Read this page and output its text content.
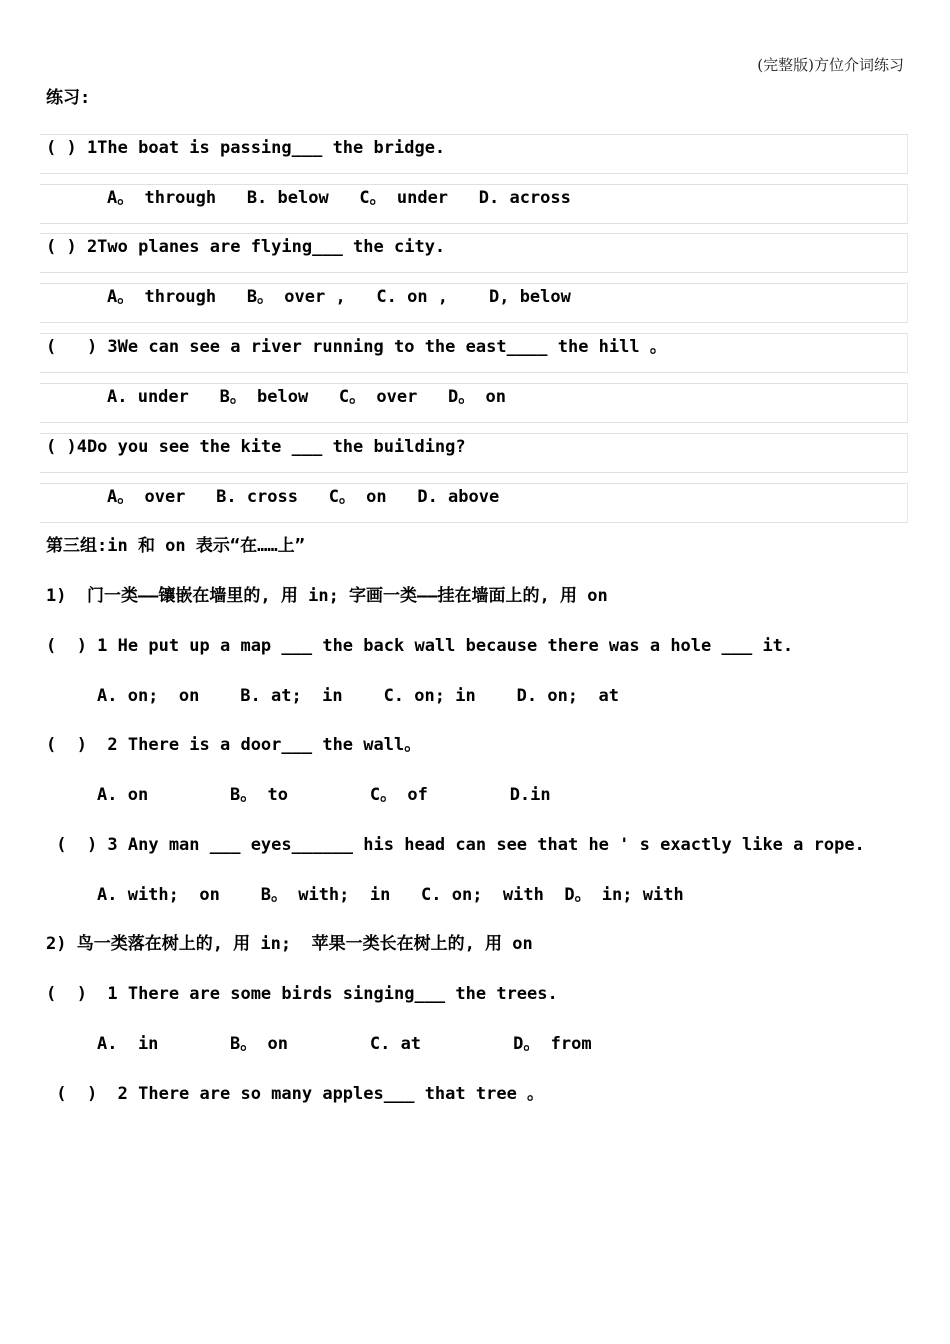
(完整版)方位介词练习
练习:
( ) 1The boat is passing___ the bridge.
A。 through   B. below   C。 under   D. across
( ) 2Two planes are flying___ the city.
A。 through   B。 over ,   C. on ,    D, below
(   ) 3We can see a river running to the east____ the hill 。
A. under   B。 below   C。 over   D。 on
( )4Do you see the kite ___ the building?
A。 over   B. cross   C。 on   D. above
第三组:in 和 on 表示“在……上”
1)  门一类——镶嵌在墙里的, 用 in; 字画一类——挂在墙面上的, 用 on
(  ) 1 He put up a map ___ the back wall because there was a hole ___ it.
A. on;  on    B. at;  in    C. on; in    D. on;  at
(  )  2 There is a door___ the wall。
A. on        B。 to        C。 of        D.in
(  ) 3 Any man ___ eyes______ his head can see that he ' s exactly like a rope.
A. with;  on    B。 with;  in   C. on;  with  D。 in; with
2) 鸟一类落在树上的, 用 in;  苹果一类长在树上的, 用 on
(  )  1 There are some birds singing___ the trees.
A.  in       B。 on        C. at         D。 from
(  )  2 There are so many apples___ that tree 。
